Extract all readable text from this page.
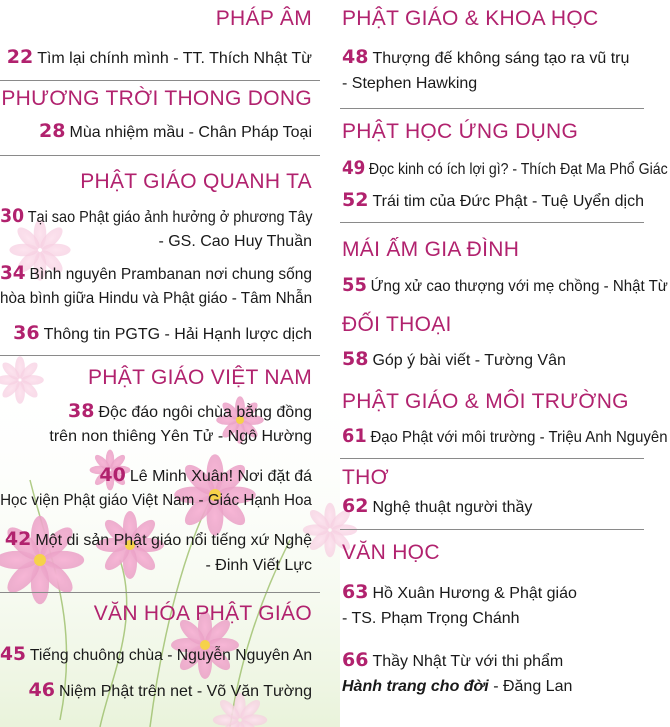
PHÁP ÂM
22 Tìm lại chính mình - TT. Thích Nhật Từ
PHƯƠNG TRỜI THONG DONG
28 Mùa nhiệm mầu - Chân Pháp Toại
PHẬT GIÁO QUANH TA
30 Tại sao Phật giáo ảnh hưởng ở phương Tây
- GS. Cao Huy Thuần
34 Bình nguyên Prambanan nơi chung sống
hòa bình giữa Hindu và Phật giáo - Tâm Nhẫn
36 Thông tin PGTG - Hải Hạnh lược dịch
PHẬT GIÁO VIỆT NAM
38 Độc đáo ngôi chùa bằng đồng
trên non thiêng Yên Tử - Ngô Hường
40 Lê Minh Xuân! Nơi đặt đá
Học viện Phật giáo Việt Nam - Giác Hạnh Hoa
42 Một di sản Phật giáo nổi tiếng xứ Nghệ
- Đinh Viết Lực
VĂN HÓA PHẬT GIÁO
45 Tiếng chuông chùa - Nguyễn Nguyên An
46 Niệm Phật trên net - Võ Văn Tường
PHẬT GIÁO & KHOA HỌC
48 Thượng đế không sáng tạo ra vũ trụ
- Stephen Hawking
PHẬT HỌC ỨNG DỤNG
49 Đọc kinh có ích lợi gì? - Thích Đạt Ma Phổ Giác
52 Trái tim của Đức Phật - Tuệ Uyển dịch
MÁI ẤM GIA ĐÌNH
55 Ứng xử cao thượng với mẹ chồng - Nhật Từ
ĐỐI THOẠI
58 Góp ý bài viết - Tường Vân
PHẬT GIÁO & MÔI TRƯỜNG
61 Đạo Phật với môi trường - Triệu Anh Nguyên
THƠ
62 Nghệ thuật người thầy
VĂN HỌC
63 Hồ Xuân Hương & Phật giáo
- TS. Phạm Trọng Chánh
66 Thầy Nhật Từ với thi phẩm
Hành trang cho đời - Đăng Lan
